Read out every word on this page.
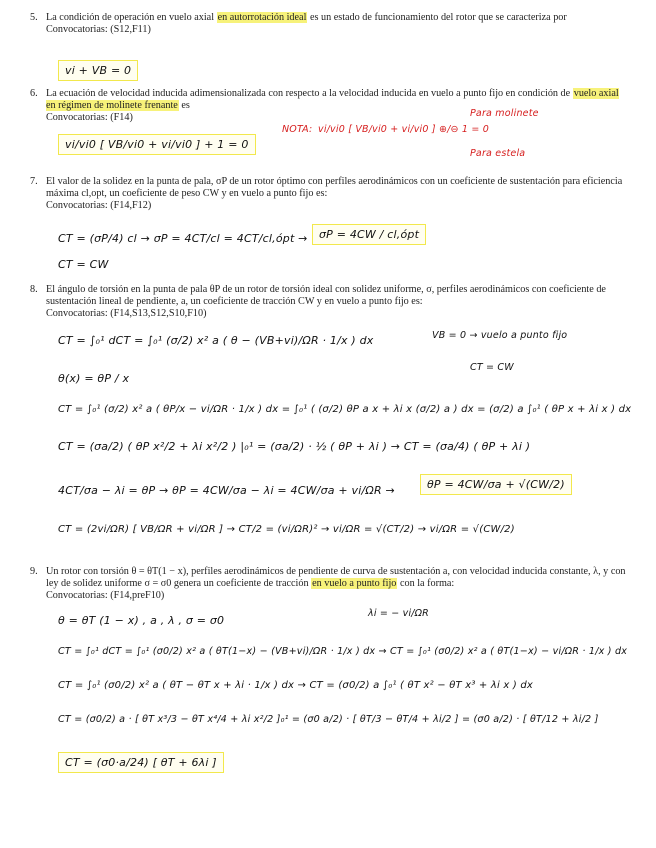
5. La condición de operación en vuelo axial en autorrotación ideal es un estado de funcionamiento del rotor que se caracteriza por
Convocatorias: (S12,F11)
vi + VB = 0
6. La ecuación de velocidad inducida adimensionalizada con respecto a la velocidad inducida en vuelo a punto fijo en condición de vuelo axial en régimen de molinete frenante es
Convocatorias: (F14)
vi/vi0 [ VB/vi0 + vi/vi0 ] + 1 = 0
NOTA: vi/vi0 [ VB/vi0 + vi/vi0 ] ⊕/⊖ 1 = 0
Para molinete
Para estela
7. El valor de la solidez en la punta de pala, σP de un rotor óptimo con perfiles aerodinámicos con un coeficiente de sustentación para eficiencia máxima cl,opt, un coeficiente de peso CW y en vuelo a punto fijo es:
Convocatorias: (F14,F12)
CT = (σP/4) cl → σP = 4CT/cl = 4CT/cl,ópt →	σP = 4CW / cl,ópt
CT = CW
8. El ángulo de torsión en la punta de pala θP de un rotor de torsión ideal con solidez uniforme, σ, perfiles aerodinámicos con coeficiente de sustentación lineal de pendiente, a, un coeficiente de tracción CW y en vuelo a punto fijo es:
Convocatorias: (F14,S13,S12,S10,F10)
CT = ∫₀¹ dCT = ∫₀¹ (σ/2) x² a ( θ − (VB+vi)/ΩR · 1/x ) dx	VB = 0 → vuelo a punto fijo
CT = CW
θ(x) = θP / x
CT = ∫₀¹ (σ/2) x² a ( θP/x − vi/ΩR · 1/x ) dx = ∫₀¹ ( (σ/2) θP a x + λi x (σ/2) a ) dx = (σ/2) a ∫₀¹ ( θP x + λi x ) dx
CT = (σa/2) ( θP x²/2 + λi x²/2 ) |₀¹ = (σa/2) · ½ ( θP + λi ) → CT = (σa/4) ( θP + λi )
4CT/σa − λi = θP → θP = 4CW/σa − λi = 4CW/σa + vi/ΩR →	θP = 4CW/σa + √(CW/2)
CT = (2vi/ΩR) [ VB/ΩR + vi/ΩR ] → CT/2 = (vi/ΩR)² → vi/ΩR = √(CT/2) → vi/ΩR = √(CW/2)
9. Un rotor con torsión θ = θT(1 − x), perfiles aerodinámicos de pendiente de curva de sustentación a, con velocidad inducida constante, λ, y con ley de solidez uniforme σ = σ0 genera un coeficiente de tracción en vuelo a punto fijo con la forma:
Convocatorias: (F14,preF10)
θ = θT (1 − x) , a , λ , σ = σ0
λi = − vi/ΩR
CT = ∫₀¹ dCT = ∫₀¹ (σ0/2) x² a ( θT(1−x) − (VB+vi)/ΩR · 1/x ) dx → CT = ∫₀¹ (σ0/2) x² a ( θT(1−x) − vi/ΩR · 1/x ) dx
CT = ∫₀¹ (σ0/2) x² a ( θT − θT x + λi · 1/x ) dx → CT = (σ0/2) a ∫₀¹ ( θT x² − θT x³ + λi x ) dx
CT = (σ0/2) a · [ θT x³/3 − θT x⁴/4 + λi x²/2 ]₀¹ = (σ0 a/2) · [ θT/3 − θT/4 + λi/2 ] = (σ0 a/2) · [ θT/12 + λi/2 ]
CT = (σ0·a/24) [ θT + 6λi ]
